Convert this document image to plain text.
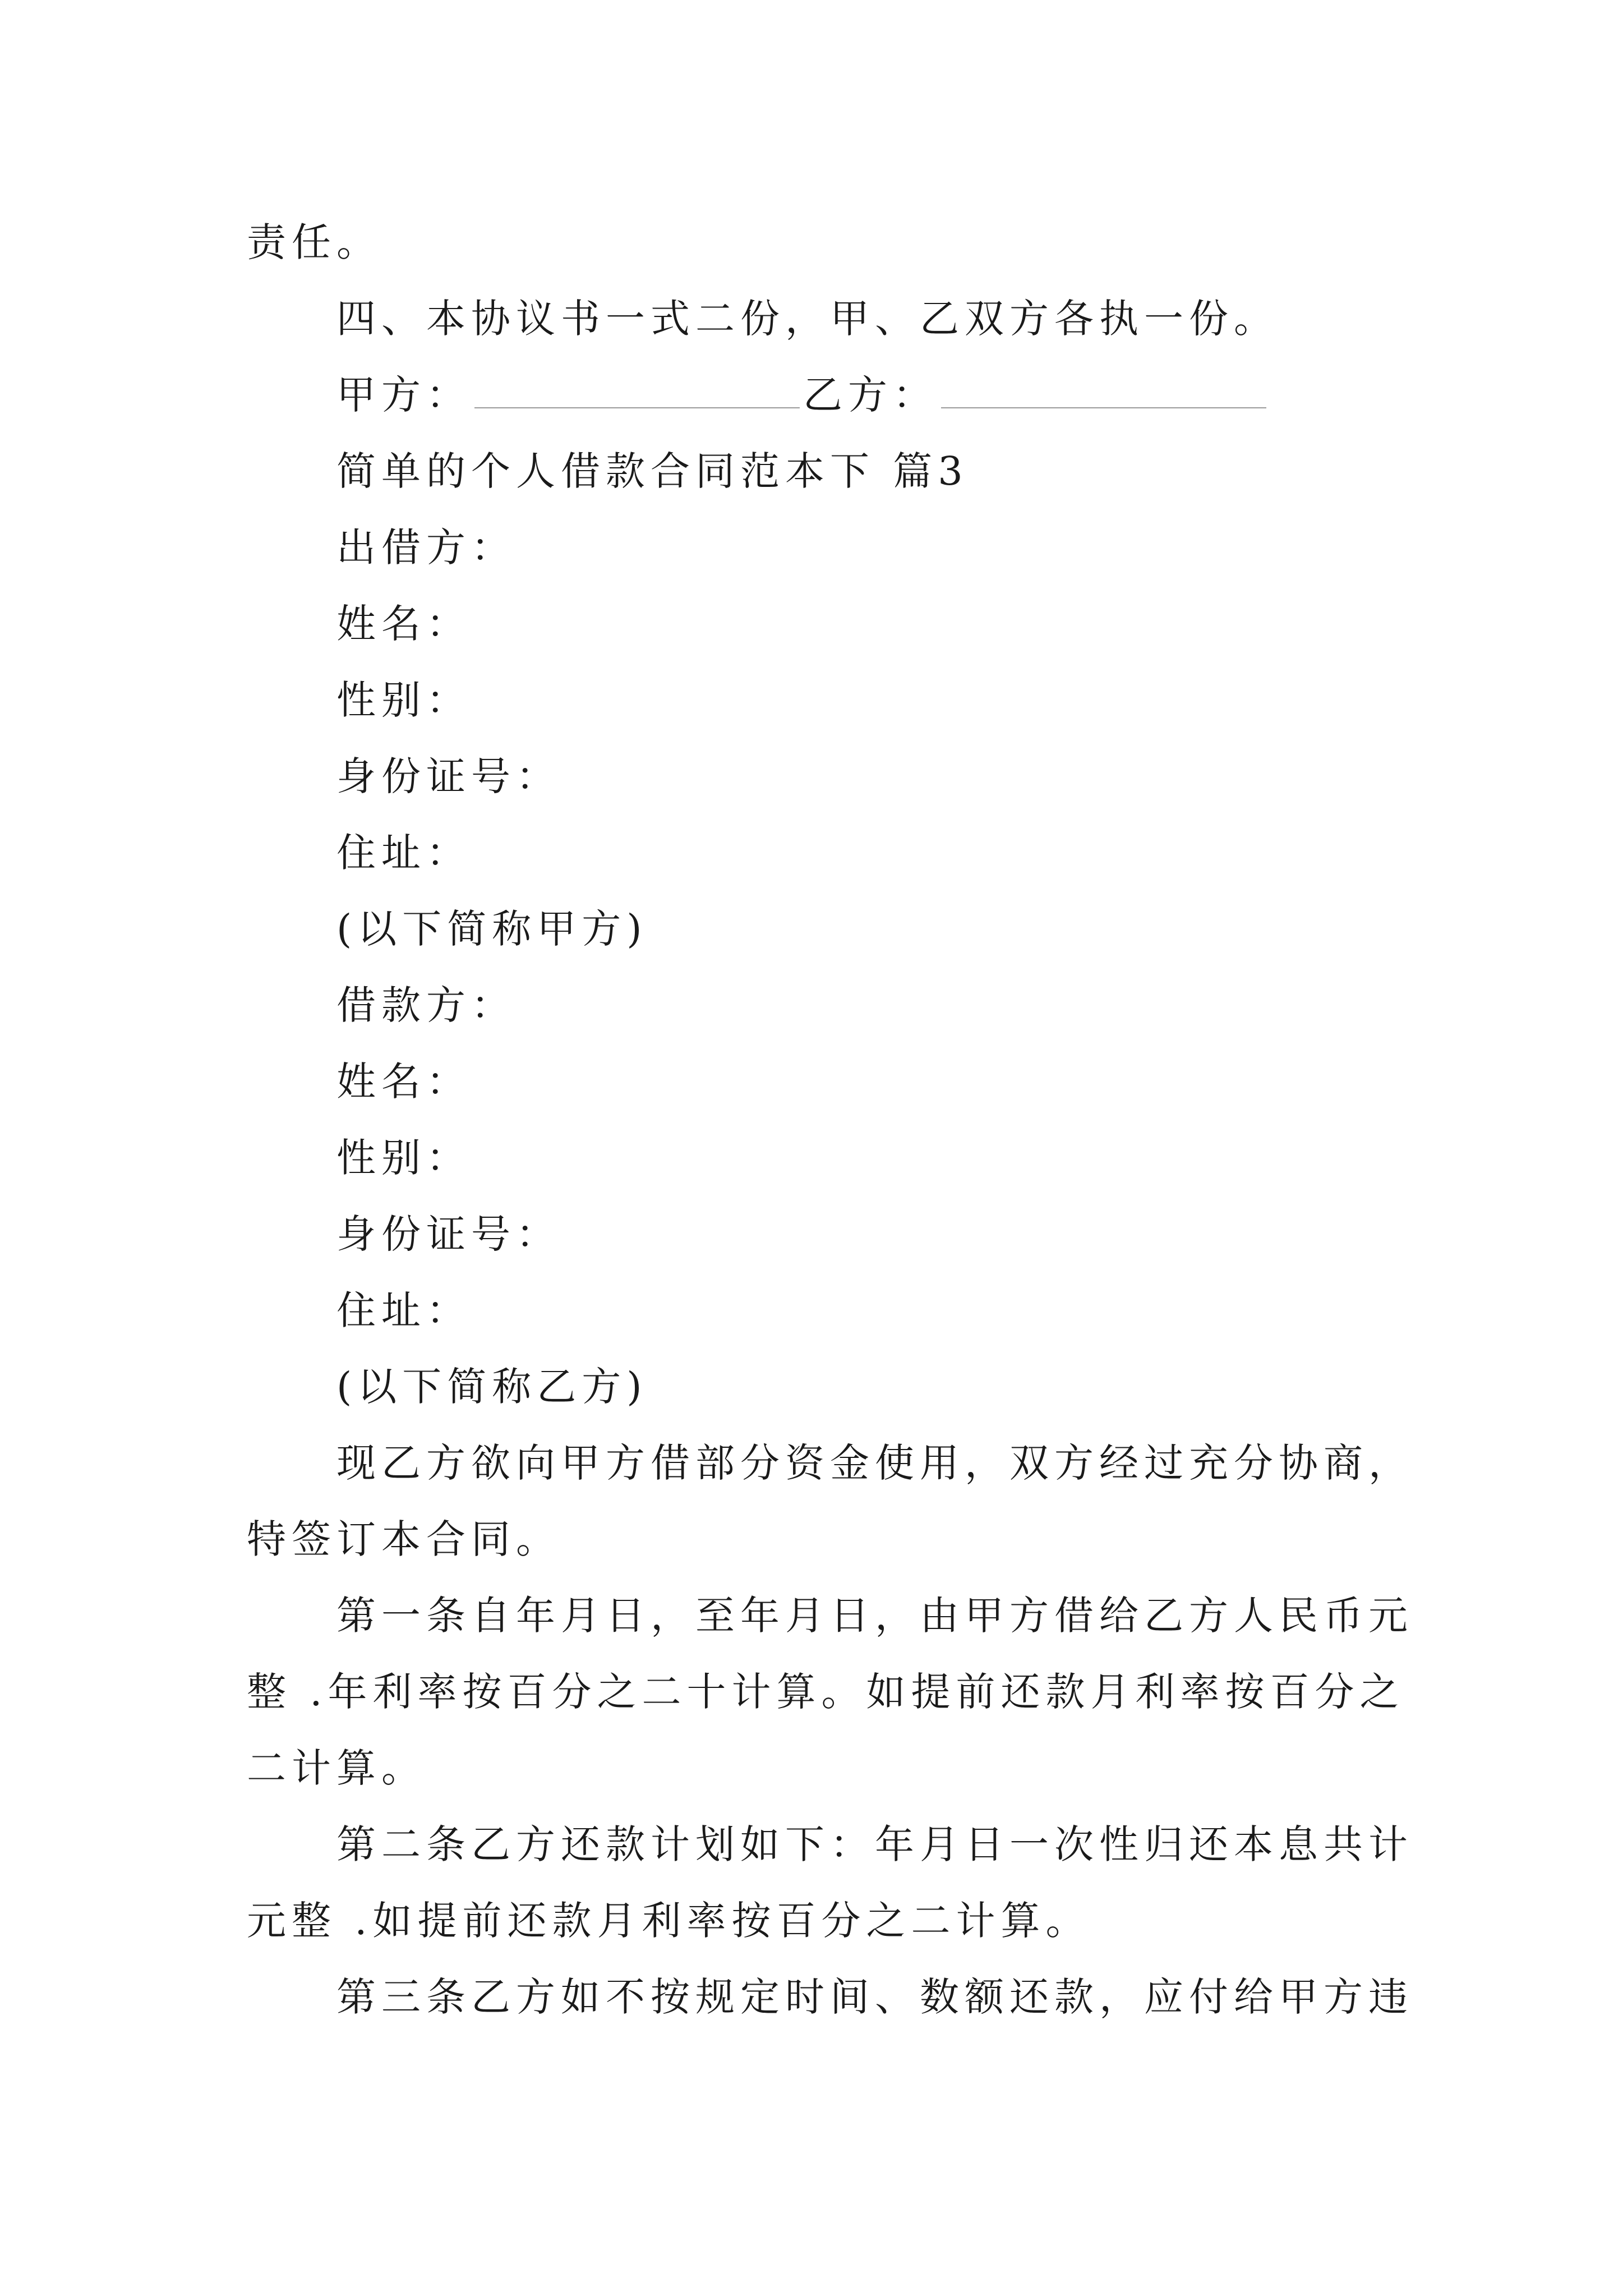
责任。
四、本协议书一式二份，甲、乙双方各执一份。
甲方：	乙方：
简单的个人借款合同范本下 篇3
出借方：
姓名：
性别：
身份证号：
住址：
(以下简称甲方)
借款方：
姓名：
性别：
身份证号：
住址：
(以下简称乙方)
现乙方欲向甲方借部分资金使用，双方经过充分协商，
特签订本合同。
第一条自年月日，至年月日，由甲方借给乙方人民币元
整 .年利率按百分之二十计算。如提前还款月利率按百分之
二计算。
第二条乙方还款计划如下：年月日一次性归还本息共计
元整 .如提前还款月利率按百分之二计算。
第三条乙方如不按规定时间、数额还款，应付给甲方违
